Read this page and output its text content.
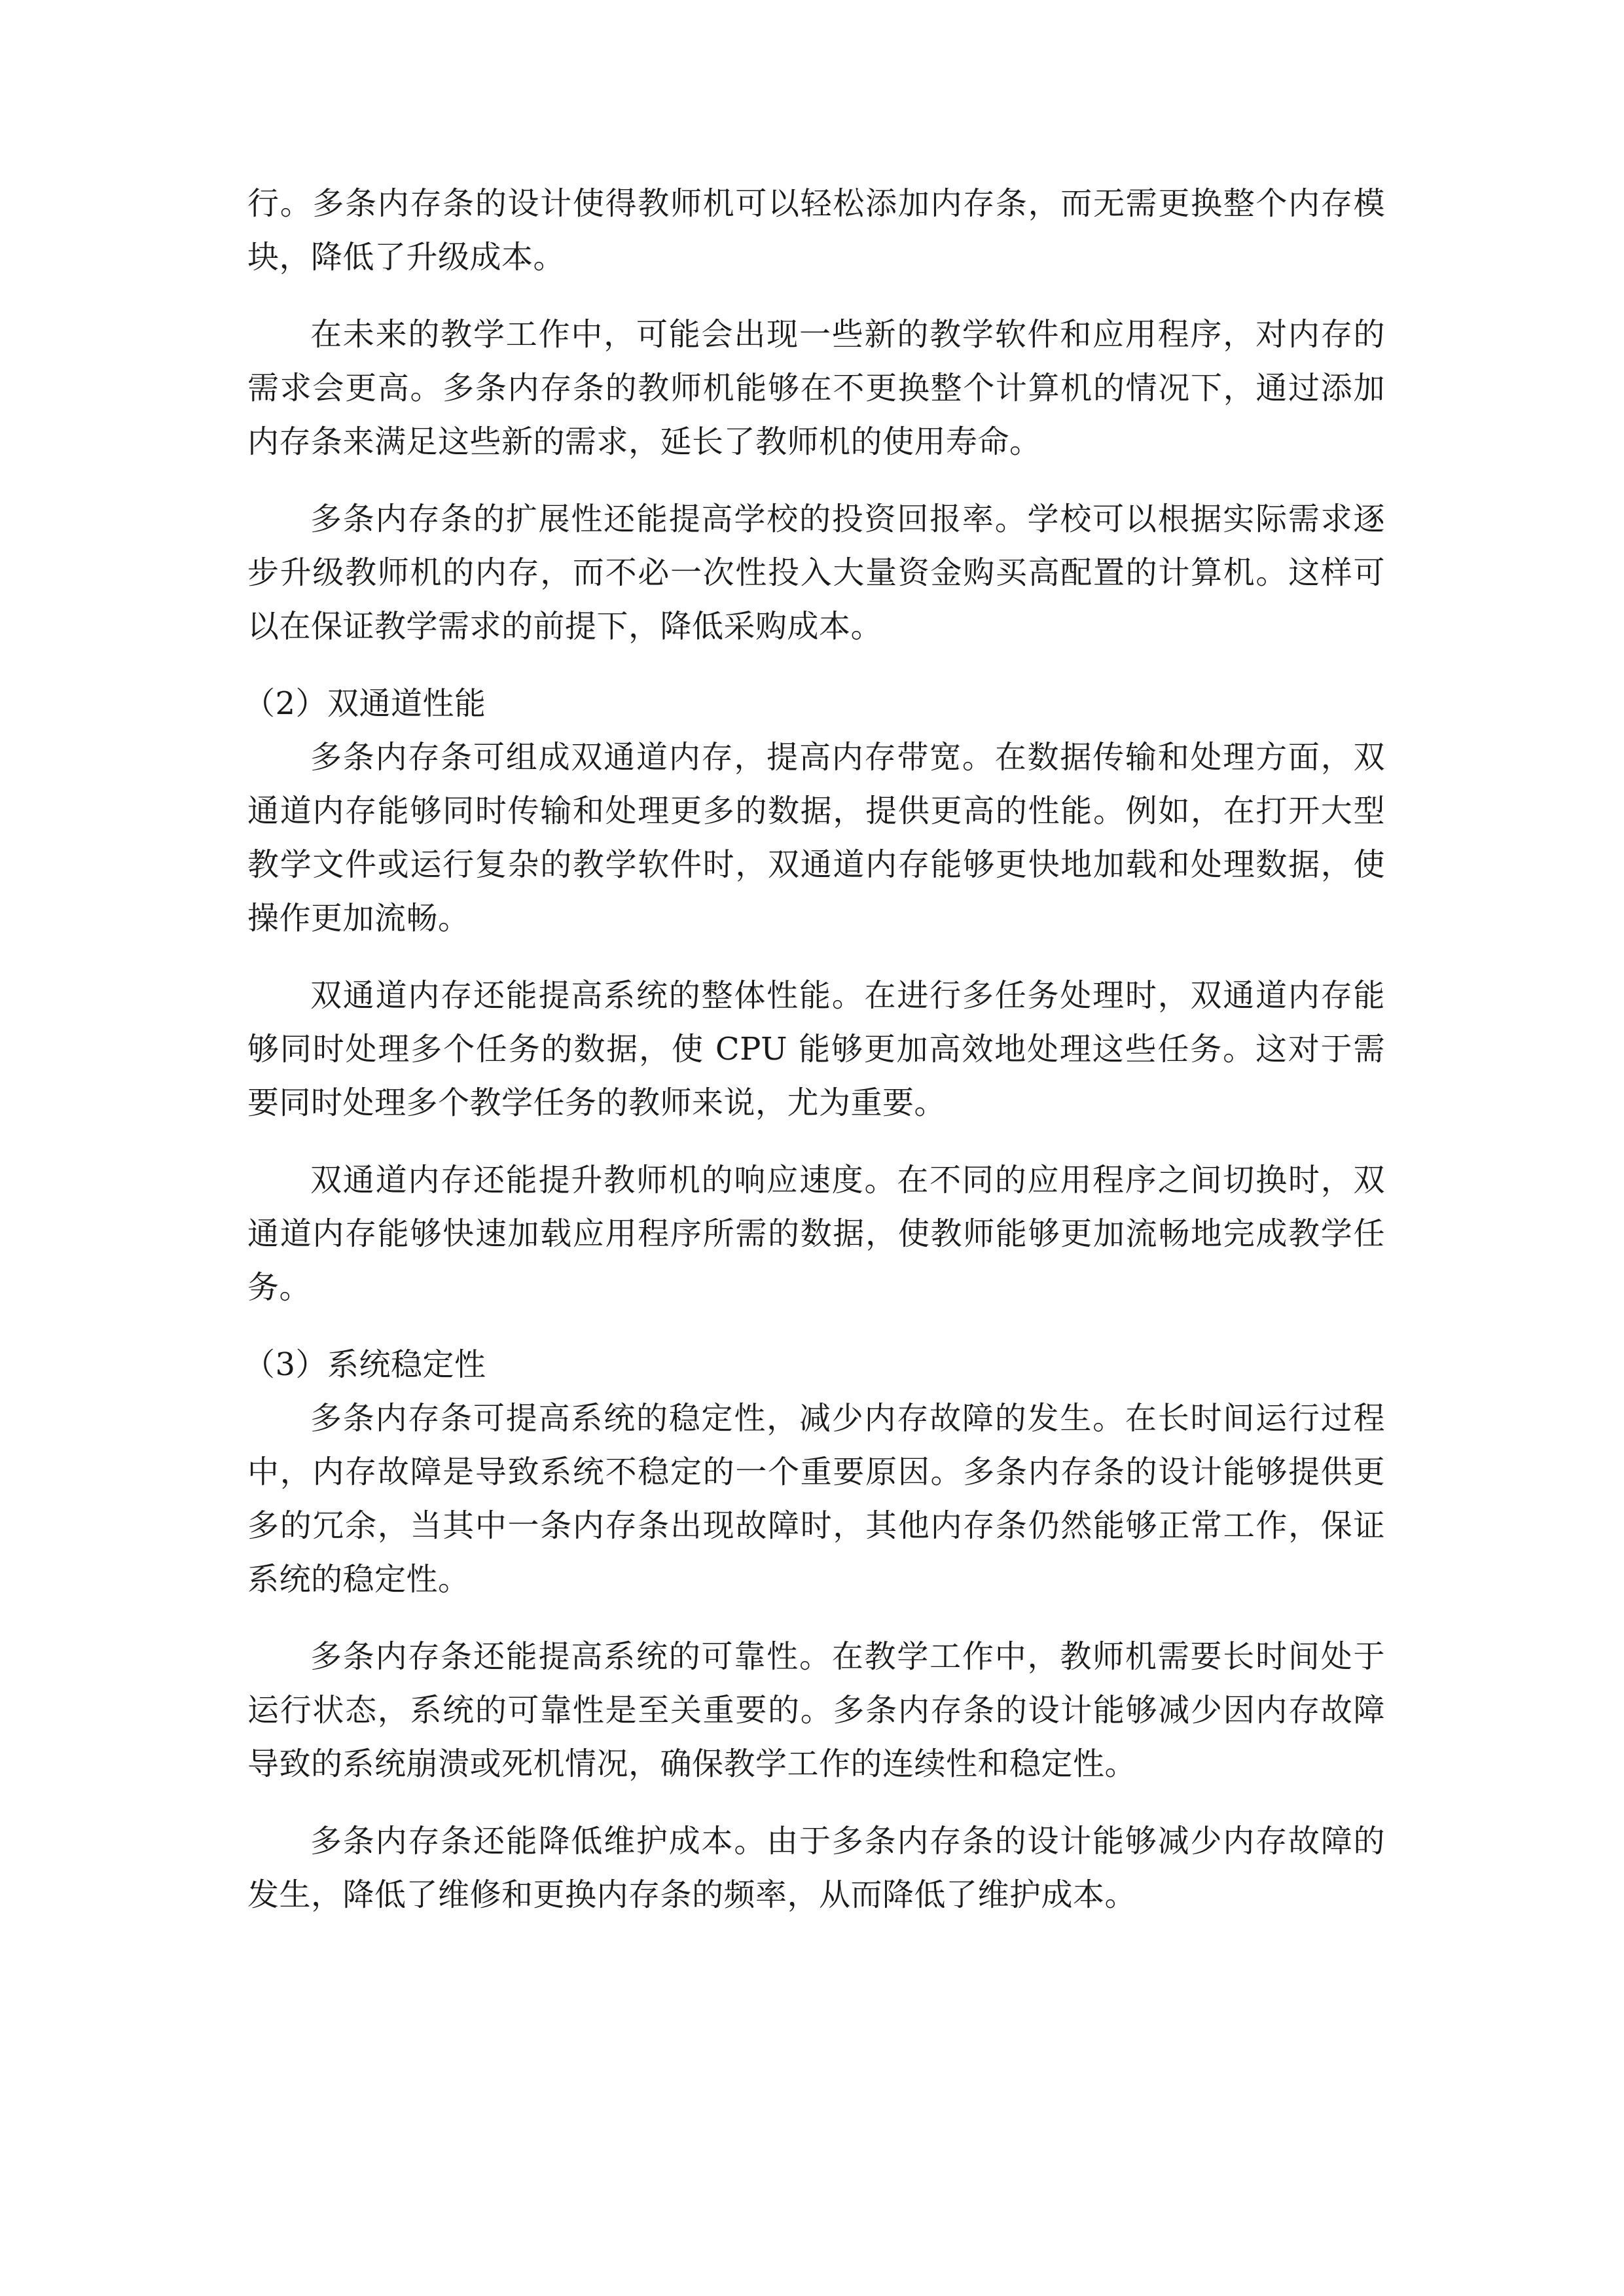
行。多条内存条的设计使得教师机可以轻松添加内存条，而无需更换整个内存模块，降低了升级成本。

在未来的教学工作中，可能会出现一些新的教学软件和应用程序，对内存的需求会更高。多条内存条的教师机能够在不更换整个计算机的情况下，通过添加内存条来满足这些新的需求，延长了教师机的使用寿命。

多条内存条的扩展性还能提高学校的投资回报率。学校可以根据实际需求逐步升级教师机的内存，而不必一次性投入大量资金购买高配置的计算机。这样可以在保证教学需求的前提下，降低采购成本。

（2）双通道性能

多条内存条可组成双通道内存，提高内存带宽。在数据传输和处理方面，双通道内存能够同时传输和处理更多的数据，提供更高的性能。例如，在打开大型教学文件或运行复杂的教学软件时，双通道内存能够更快地加载和处理数据，使操作更加流畅。

双通道内存还能提高系统的整体性能。在进行多任务处理时，双通道内存能够同时处理多个任务的数据，使 CPU 能够更加高效地处理这些任务。这对于需要同时处理多个教学任务的教师来说，尤为重要。

双通道内存还能提升教师机的响应速度。在不同的应用程序之间切换时，双通道内存能够快速加载应用程序所需的数据，使教师能够更加流畅地完成教学任务。

（3）系统稳定性

多条内存条可提高系统的稳定性，减少内存故障的发生。在长时间运行过程中，内存故障是导致系统不稳定的一个重要原因。多条内存条的设计能够提供更多的冗余，当其中一条内存条出现故障时，其他内存条仍然能够正常工作，保证系统的稳定性。

多条内存条还能提高系统的可靠性。在教学工作中，教师机需要长时间处于运行状态，系统的可靠性是至关重要的。多条内存条的设计能够减少因内存故障导致的系统崩溃或死机情况，确保教学工作的连续性和稳定性。

多条内存条还能降低维护成本。由于多条内存条的设计能够减少内存故障的发生，降低了维修和更换内存条的频率，从而降低了维护成本。
